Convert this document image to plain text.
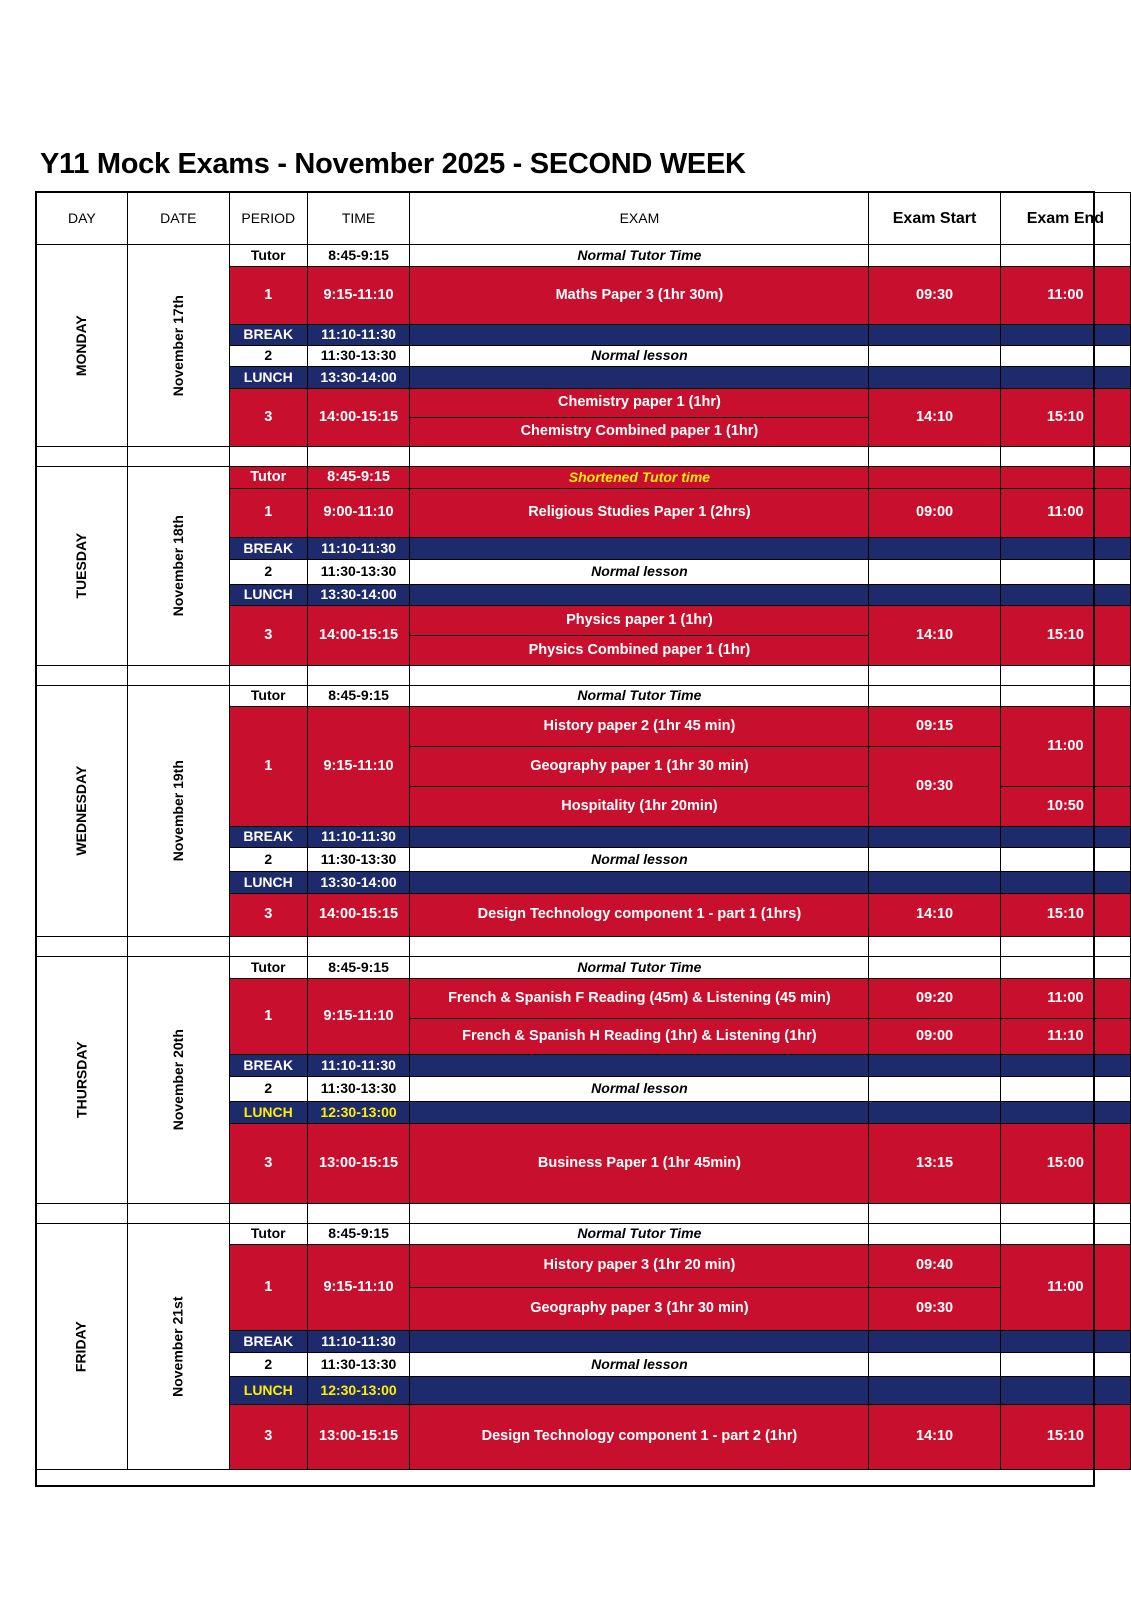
Y11 Mock Exams - November 2025 - SECOND WEEK
DAY	DATE	PERIOD	TIME	EXAM	Exam Start	Exam End
MONDAY	November 17th	Tutor	8:45-9:15	Normal Tutor Time		
		1	9:15-11:10	Maths Paper 3 (1hr 30m)	09:30	11:00
		BREAK	11:10-11:30			
		2	11:30-13:30	Normal lesson		
		LUNCH	13:30-14:00			
		3	14:00-15:15	Chemistry paper 1 (1hr)	14:10	15:10
				Chemistry Combined paper 1 (1hr)		

TUESDAY	November 18th	Tutor	8:45-9:15	Shortened Tutor time		
		1	9:00-11:10	Religious Studies Paper 1 (2hrs)	09:00	11:00
		BREAK	11:10-11:30			
		2	11:30-13:30	Normal lesson		
		LUNCH	13:30-14:00			
		3	14:00-15:15	Physics paper 1 (1hr)	14:10	15:10
				Physics Combined paper 1 (1hr)		

WEDNESDAY	November 19th	Tutor	8:45-9:15	Normal Tutor Time		
		1	9:15-11:10	History paper 2 (1hr 45 min)	09:15	11:00
				Geography paper 1 (1hr 30 min)	09:30	
				Hospitality (1hr 20min)		10:50
		BREAK	11:10-11:30			
		2	11:30-13:30	Normal lesson		
		LUNCH	13:30-14:00			
		3	14:00-15:15	Design Technology component 1 - part 1 (1hrs)	14:10	15:10

THURSDAY	November 20th	Tutor	8:45-9:15	Normal Tutor Time		
		1	9:15-11:10	French & Spanish F Reading (45m) & Listening (45 min)	09:20	11:00
				French & Spanish H Reading (1hr) & Listening (1hr)	09:00	11:10
		BREAK	11:10-11:30			
		2	11:30-13:30	Normal lesson		
		LUNCH	12:30-13:00			
		3	13:00-15:15	Business Paper 1 (1hr 45min)	13:15	15:00

FRIDAY	November 21st	Tutor	8:45-9:15	Normal Tutor Time		
		1	9:15-11:10	History paper 3 (1hr 20 min)	09:40	11:00
				Geography paper 3 (1hr 30 min)	09:30	
		BREAK	11:10-11:30			
		2	11:30-13:30	Normal lesson		
		LUNCH	12:30-13:00			
		3	13:00-15:15	Design Technology component 1 - part 2 (1hr)	14:10	15:10
